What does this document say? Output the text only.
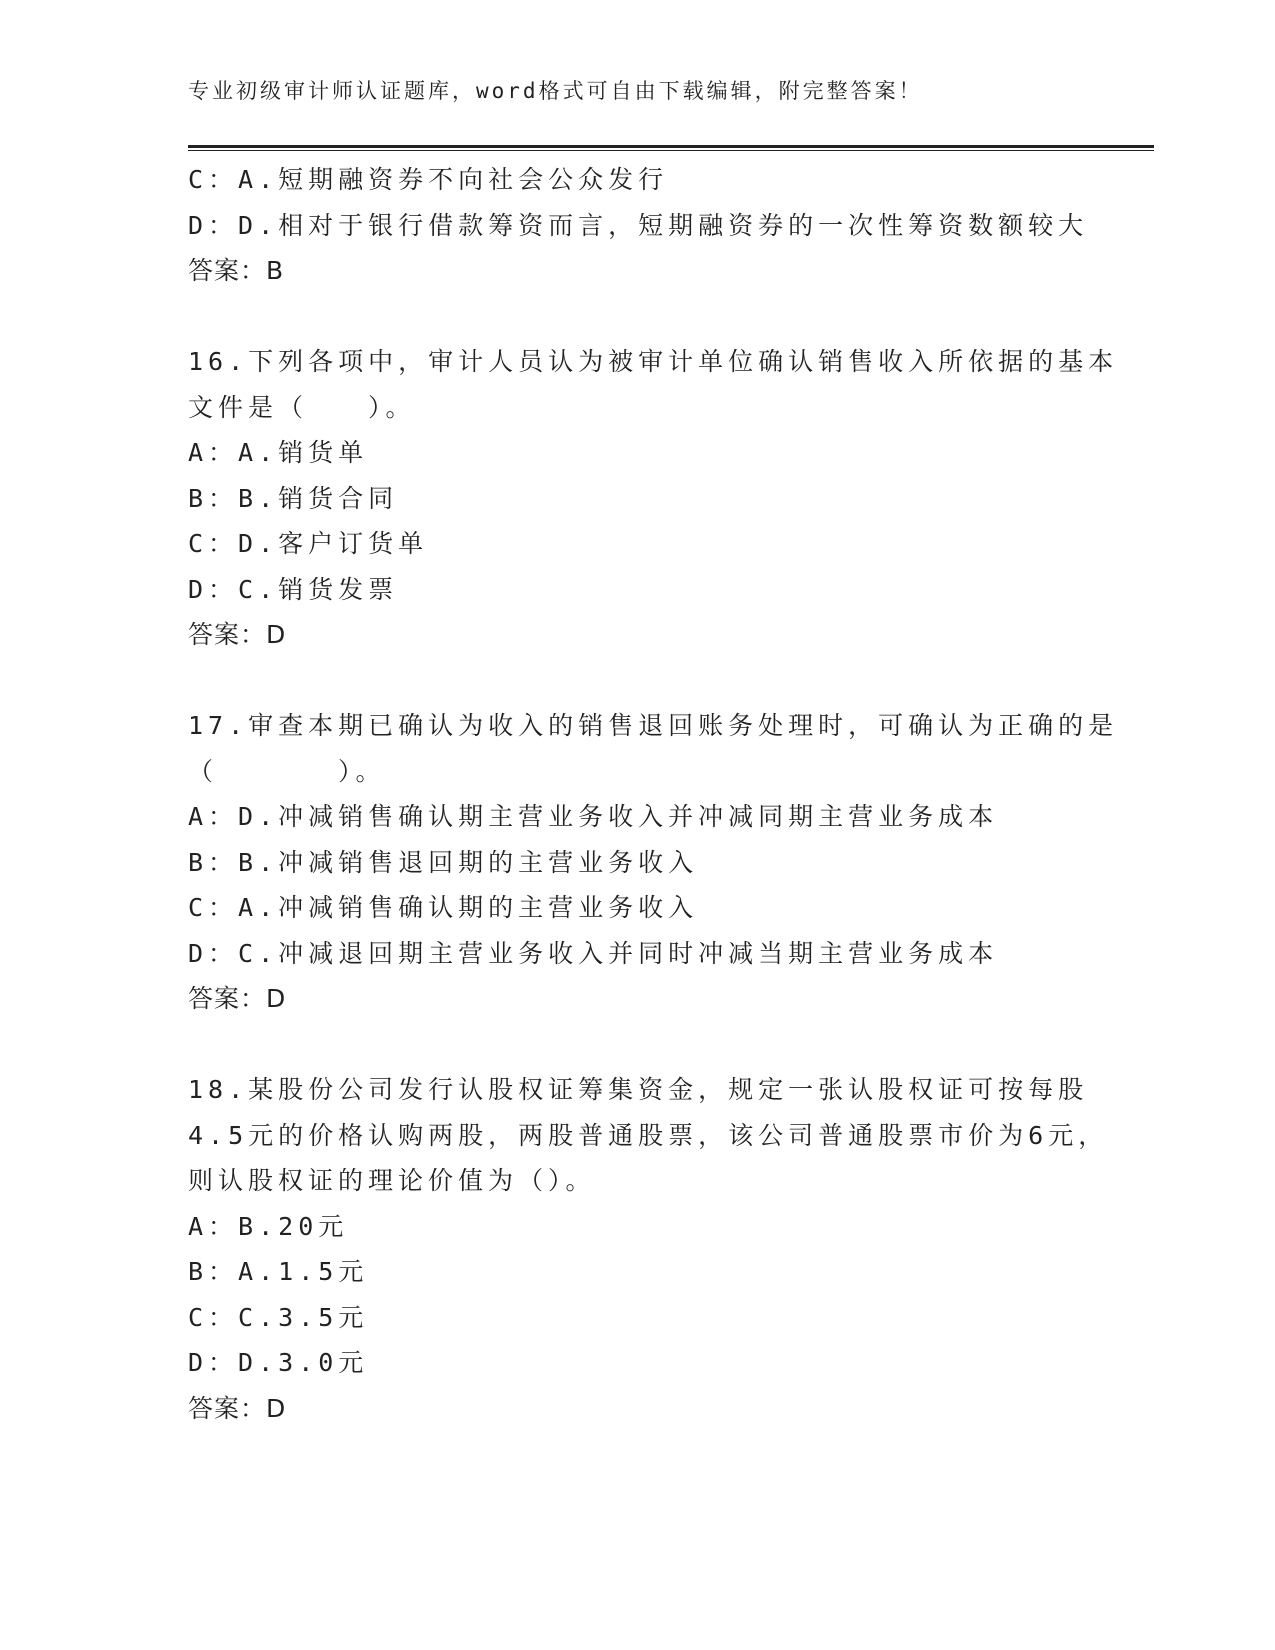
专业初级审计师认证题库，word格式可自由下载编辑，附完整答案！
C：A.短期融资券不向社会公众发行
D：D.相对于银行借款筹资而言，短期融资券的一次性筹资数额较大
答案：B
16.下列各项中，审计人员认为被审计单位确认销售收入所依据的基本
文件是（　　）。
A：A.销货单
B：B.销货合同
C：D.客户订货单
D：C.销货发票
答案：D
17.审查本期已确认为收入的销售退回账务处理时，可确认为正确的是
（　　　　）。
A：D.冲减销售确认期主营业务收入并冲减同期主营业务成本
B：B.冲减销售退回期的主营业务收入
C：A.冲减销售确认期的主营业务收入
D：C.冲减退回期主营业务收入并同时冲减当期主营业务成本
答案：D
18.某股份公司发行认股权证筹集资金，规定一张认股权证可按每股
4.5元的价格认购两股，两股普通股票，该公司普通股票市价为6元，
则认股权证的理论价值为（）。
A：B.20元
B：A.1.5元
C：C.3.5元
D：D.3.0元
答案：D
